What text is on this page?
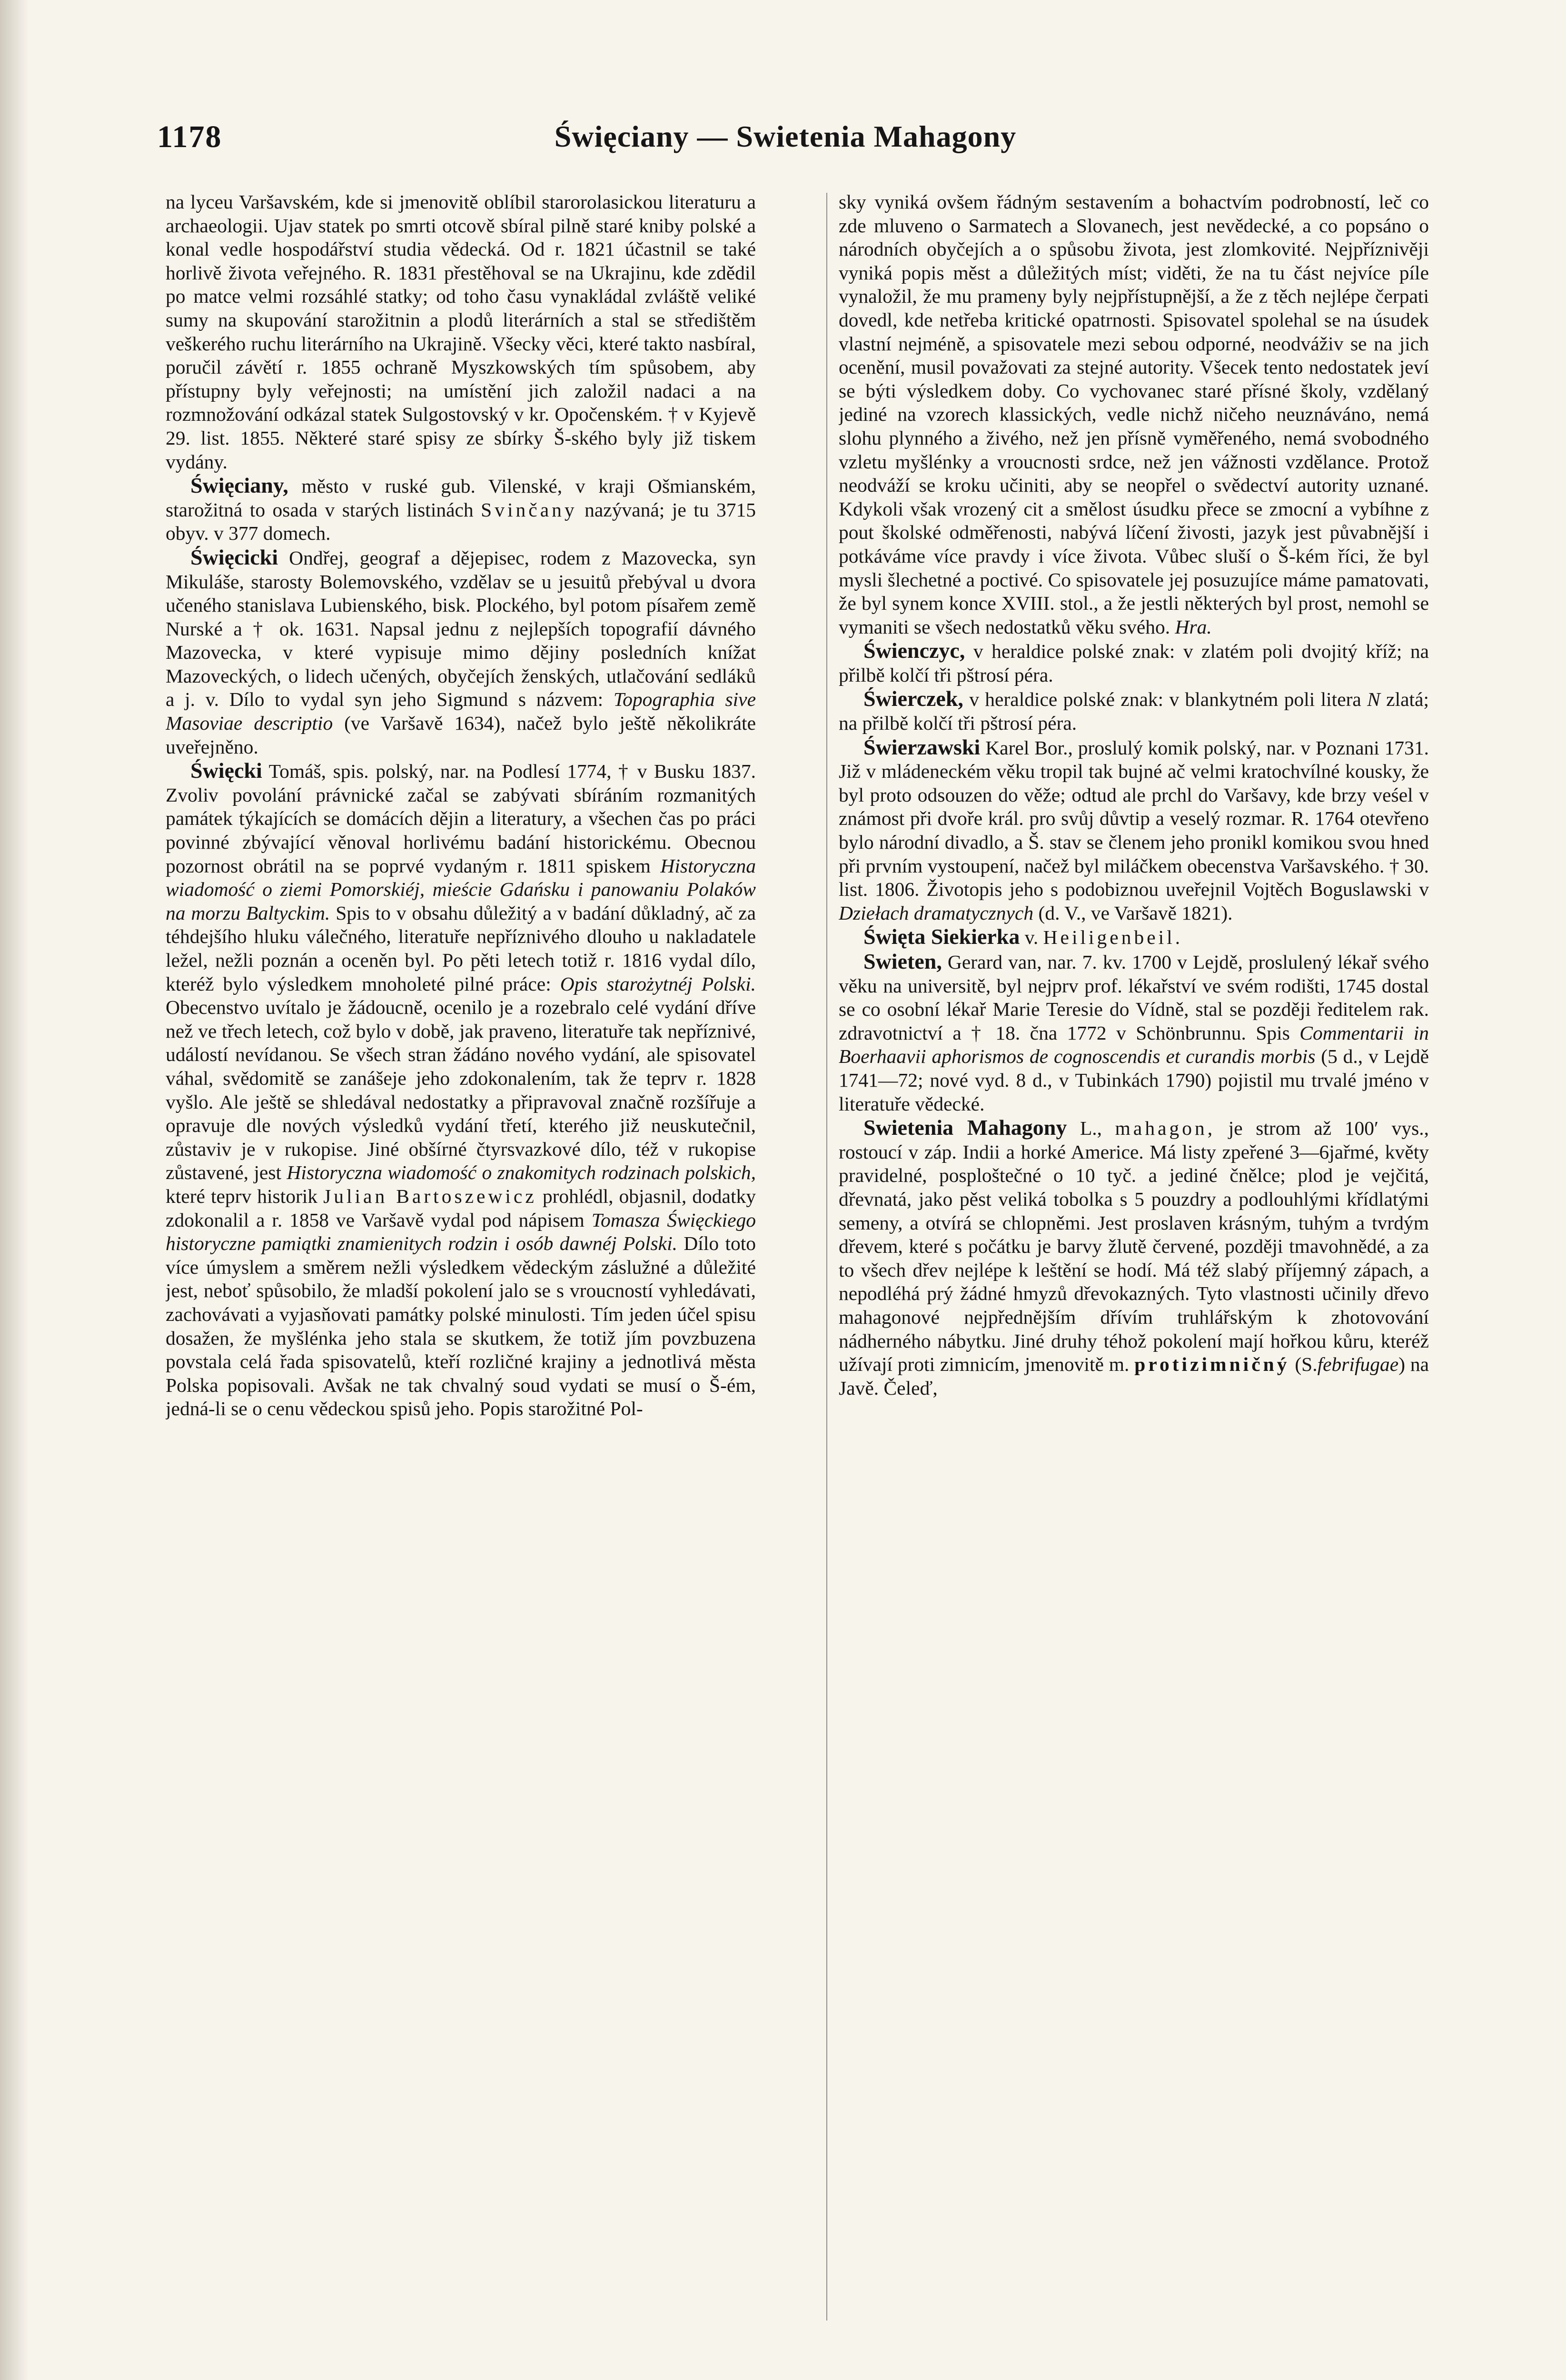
Święciany — Swietenia Mahagony
1178

na lyceu Varšavském, kde si jmenovitě oblíbil starorolasickou literaturu a archaeologii. Ujav statek po smrti otcově sbíral pilně staré kniby polské a konal vedle hospodářství studia vědecká. Od r. 1821 účastnil se také horlivě života veřejného. R. 1831 přestěhoval se na Ukrajinu, kde zdědil po matce velmi rozsáhlé statky; od toho času vynakládal zvláště veliké sumy na skupování starožitnin a plodů literárních a stal se středištěm veškerého ruchu literárního na Ukrajině. Všecky věci, které takto nasbíral, poručil závětí r. 1855 ochraně Myszkowských tím spůsobem, aby přístupny byly veřejnosti; na umístění jich založil nadaci a na rozmnožování odkázal statek Sulgostovský v kr. Opočenském. † v Kyjevě 29. list. 1855. Některé staré spisy ze sbírky Š-ského byly již tiskem vydány.

Święciany, město v ruské gub. Vilenské, v kraji Ošmianském, starožitná to osada v starých listinách Svinčany nazývaná; je tu 3715 obyv. v 377 domech.

Święcicki Ondřej, geograf a dějepisec, rodem z Mazovecka, syn Mikuláše, starosty Bolemovského, vzdělav se u jesuitů přebýval u dvora učeného stanislava Lubienského, bisk. Plockého, byl potom písařem země Nurské a † ok. 1631. Napsal jednu z nejlepších topografií dávného Mazovecka, v které vypisuje mimo dějiny posledních knížat Mazoveckých, o lidech učených, obyčejích ženských, utlačování sedláků a j. v. Dílo to vydal syn jeho Sigmund s názvem: Topographia sive Masoviae descriptio (ve Varšavě 1634), načež bylo ještě několikráte uveřejněno.

Święcki Tomáš, spis. polský, nar. na Podlesí 1774, † v Busku 1837. Zvoliv povolání právnické začal se zabývati sbíráním rozmanitých památek týkajících se domácích dějin a literatury, a všechen čas po práci povinné zbývající věnoval horlivému badání historickému. Obecnou pozornost obrátil na se poprvé vydaným r. 1811 spiskem Historyczna wiadomość o ziemi Pomorskiéj, mieście Gdańsku i panowaniu Polaków na morzu Baltyckim. Spis to v obsahu důležitý a v badání důkladný, ač za téhdejšího hluku válečného, literatuře nepříznivého dlouho u nakladatele ležel, nežli poznán a oceněn byl. Po pěti letech totiž r. 1816 vydal dílo, kteréž bylo výsledkem mnoholeté pilné práce: Opis starożytnéj Polski. Obecenstvo uvítalo je žádoucně, ocenilo je a rozebralo celé vydání dříve než ve třech letech, což bylo v době, jak praveno, literatuře tak nepříznivé, událostí nevídanou. Se všech stran žádáno nového vydání, ale spisovatel váhal, svědomitě se zanášeje jeho zdokonalením, tak že teprv r. 1828 vyšlo. Ale ještě se shledával nedostatky a připravoval značně rozšířuje a opravuje dle nových výsledků vydání třetí, kterého již neuskutečnil, zůstaviv je v rukopise. Jiné obšírné čtyrsvazkové dílo, též v rukopise zůstavené, jest Historyczna wiadomość o znakomitych rodzinach polskich, které teprv historik Julian Bartoszewicz prohlédl, objasnil, dodatky zdokonalil a r. 1858 ve Varšavě vydal pod nápisem Tomasza Święckiego historyczne pamiątki znamienitych rodzin i osób dawnéj Polski. Dílo toto více úmyslem a směrem nežli výsledkem vědeckým záslužné a důležité jest, neboť spůsobilo, že mladší pokolení jalo se s vroucností vyhledávati, zachovávati a vyjasňovati památky polské minulosti. Tím jeden účel spisu dosažen, že myšlénka jeho stala se skutkem, že totiž jím povzbuzena povstala celá řada spisovatelů, kteří rozličné krajiny a jednotlivá města Polska popisovali. Avšak ne tak chvalný soud vydati se musí o Š-ém, jedná-li se o cenu vědeckou spisů jeho. Popis starožitné Pol-

sky vyniká ovšem řádným sestavením a bohactvím podrobností, leč co zde mluveno o Sarmatech a Slovanech, jest nevědecké, a co popsáno o národních obyčejích a o spůsobu života, jest zlomkovité. Nejpříznivěji vyniká popis měst a důležitých míst; viděti, že na tu část nejvíce píle vynaložil, že mu prameny byly nejpřístupnější, a že z těch nejlépe čerpati dovedl, kde netřeba kritické opatrnosti. Spisovatel spolehal se na úsudek vlastní nejméně, a spisovatele mezi sebou odporné, neodváživ se na jich ocenění, musil považovati za stejné autority. Všecek tento nedostatek jeví se býti výsledkem doby. Co vychovanec staré přísné školy, vzdělaný jediné na vzorech klassických, vedle nichž ničeho neuznáváno, nemá slohu plynného a živého, než jen přísně vyměřeného, nemá svobodného vzletu myšlénky a vroucnosti srdce, než jen vážnosti vzdělance. Protož neodváží se kroku učiniti, aby se neopřel o svědectví autority uznané. Kdykoli však vrozený cit a smělost úsudku přece se zmocní a vybíhne z pout školské odměřenosti, nabývá líčení živosti, jazyk jest půvabnější i potkáváme více pravdy i více života. Vůbec sluší o Š-kém říci, že byl mysli šlechetné a poctivé. Co spisovatele jej posuzujíce máme pamatovati, že byl synem konce XVIII. stol., a že jestli některých byl prost, nemohl se vymaniti se všech nedostatků věku svého. Hra.

Świenczyc, v heraldice polské znak: v zlatém poli dvojitý kříž; na přilbě kolčí tři pštrosí péra.

Świerczek, v heraldice polské znak: v blankytném poli litera N zlatá; na přilbě kolčí tři pštrosí péra.

Świerzawski Karel Bor., proslulý komik polský, nar. v Poznani 1731. Již v mládeneckém věku tropil tak bujné ač velmi kratochvílné kousky, že byl proto odsouzen do věže; odtud ale prchl do Varšavy, kde brzy veśel v známost při dvoře král. pro svůj důvtip a veselý rozmar. R. 1764 otevřeno bylo národní divadlo, a Š. stav se členem jeho pronikl komikou svou hned při prvním vystoupení, načež byl miláčkem obecenstva Varšavského. † 30. list. 1806. Životopis jeho s podobiznou uveřejnil Vojtěch Boguslawski v Dziełach dramatycznych (d. V., ve Varšavě 1821).

Święta Siekierka v. Heiligenbeil.

Swieten, Gerard van, nar. 7. kv. 1700 v Lejdě, proslulený lékař svého věku na universitě, byl nejprv prof. lékařství ve svém rodišti, 1745 dostal se co osobní lékař Marie Teresie do Vídně, stal se později ředitelem rak. zdravotnictví a † 18. čna 1772 v Schönbrunnu. Spis Commentarii in Boerhaavii aphorismos de cognoscendis et curandis morbis (5 d., v Lejdě 1741—72; nové vyd. 8 d., v Tubinkách 1790) pojistil mu trvalé jméno v literatuře vědecké.

Swietenia Mahagony L., mahagon, je strom až 100′ vys., rostoucí v záp. Indii a horké Americe. Má listy zpeřené 3—6jařmé, květy pravidelné, posploštečné o 10 tyč. a jediné čnělce; plod je vejčitá, dřevnatá, jako pěst veliká tobolka s 5 pouzdry a podlouhlými křídlatými semeny, a otvírá se chlopněmi. Jest proslaven krásným, tuhým a tvrdým dřevem, které s počátku je barvy žlutě červené, později tmavohnědé, a za to všech dřev nejlépe k leštění se hodí. Má též slabý příjemný zápach, a nepodléhá prý žádné hmyzů dřevokazných. Tyto vlastnosti učinily dřevo mahagonové nejpřednějším dřívím truhlářským k zhotovování nádherného nábytku. Jiné druhy téhož pokolení mají hořkou kůru, kteréž užívají proti zimnicím, jmenovitě m. protizimničný (S.febrifugae) na Javě. Čeleď,
